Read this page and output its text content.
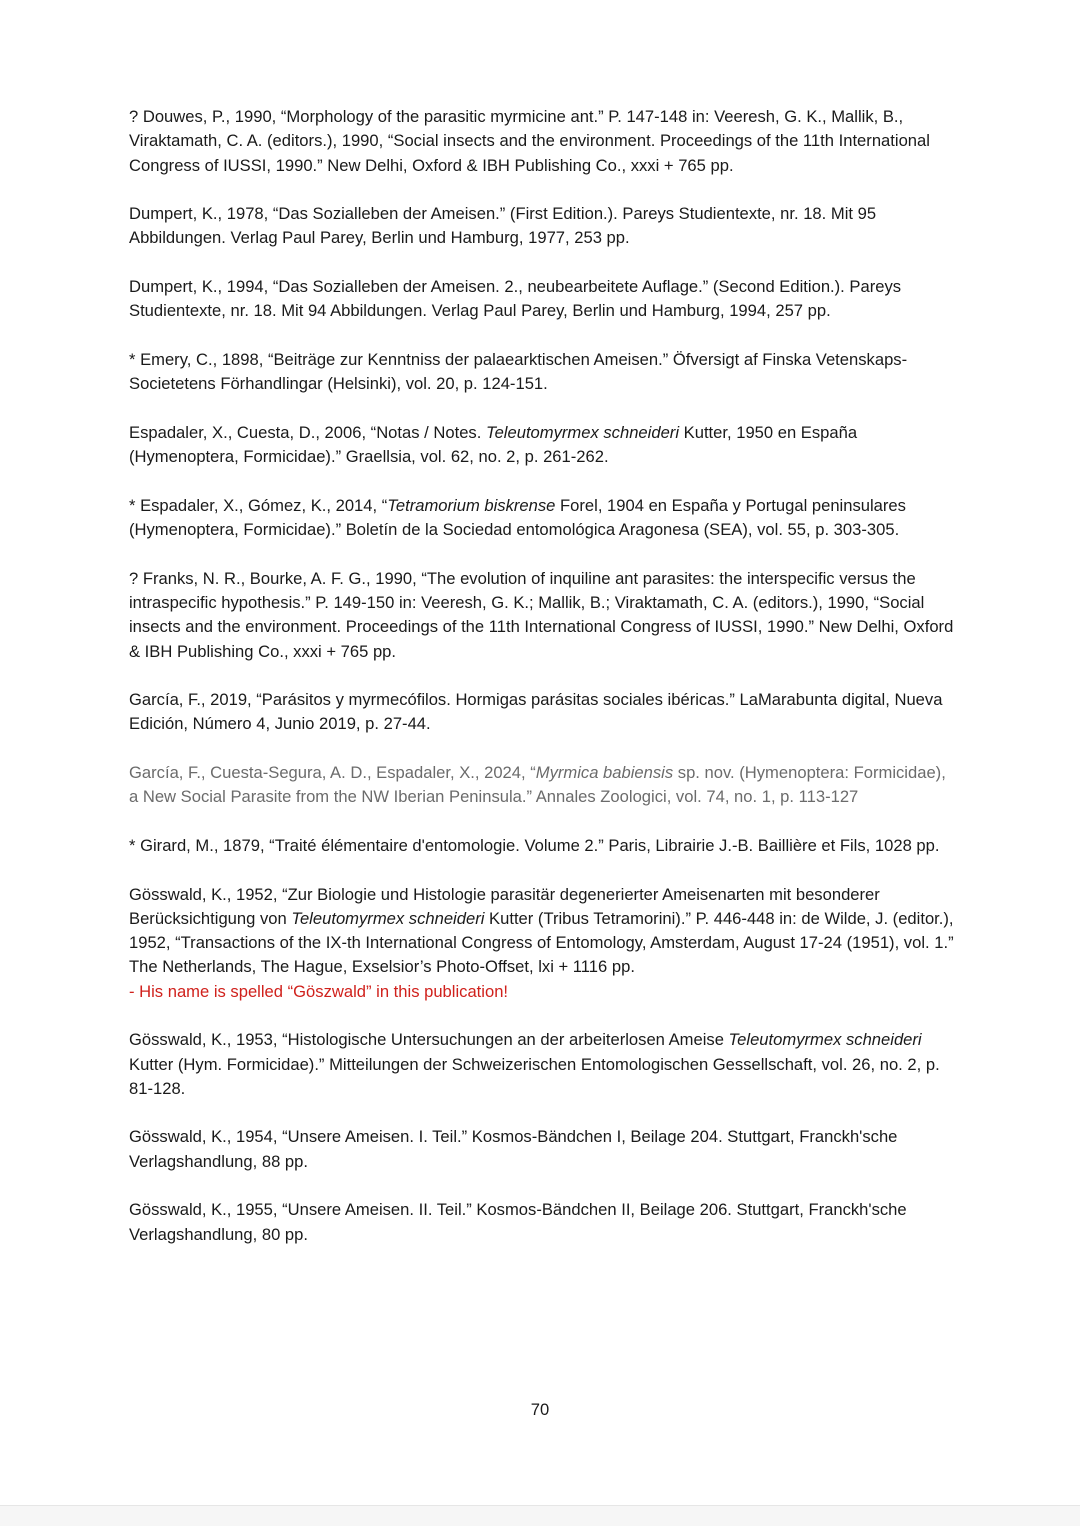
? Douwes, P., 1990, “Morphology of the parasitic myrmicine ant.” P. 147-148 in: Veeresh, G. K., Mallik, B., Viraktamath, C. A. (editors.), 1990, “Social insects and the environment. Proceedings of the 11th International Congress of IUSSI, 1990.” New Delhi, Oxford & IBH Publishing Co., xxxi + 765 pp.

Dumpert, K., 1978, “Das Sozialleben der Ameisen.” (First Edition.). Pareys Studientexte, nr. 18. Mit 95 Abbildungen. Verlag Paul Parey, Berlin und Hamburg, 1977, 253 pp.

Dumpert, K., 1994, “Das Sozialleben der Ameisen. 2., neubearbeitete Auflage.” (Second Edition.). Pareys Studientexte, nr. 18. Mit 94 Abbildungen. Verlag Paul Parey, Berlin und Hamburg, 1994, 257 pp.

* Emery, C., 1898, “Beiträge zur Kenntniss der palaearktischen Ameisen.” Öfversigt af Finska Vetenskaps-Societetens Förhandlingar (Helsinki), vol. 20, p. 124-151.

Espadaler, X., Cuesta, D., 2006, “Notas / Notes. Teleutomyrmex schneideri Kutter, 1950 en España (Hymenoptera, Formicidae).” Graellsia, vol. 62, no. 2, p. 261-262.

* Espadaler, X., Gómez, K., 2014, “Tetramorium biskrense Forel, 1904 en España y Portugal peninsulares (Hymenoptera, Formicidae).” Boletín de la Sociedad entomológica Aragonesa (SEA), vol. 55, p. 303-305.

? Franks, N. R., Bourke, A. F. G., 1990, “The evolution of inquiline ant parasites: the interspecific versus the intraspecific hypothesis.” P. 149-150 in: Veeresh, G. K.; Mallik, B.; Viraktamath, C. A. (editors.), 1990, “Social insects and the environment. Proceedings of the 11th International Congress of IUSSI, 1990.” New Delhi, Oxford & IBH Publishing Co., xxxi + 765 pp.

García, F., 2019, “Parásitos y myrmecófilos. Hormigas parásitas sociales ibéricas.” LaMarabunta digital, Nueva Edición, Número 4, Junio 2019, p. 27-44.

García, F., Cuesta-Segura, A. D., Espadaler, X., 2024, “Myrmica babiensis sp. nov. (Hymenoptera: Formicidae), a New Social Parasite from the NW Iberian Peninsula.” Annales Zoologici, vol. 74, no. 1, p. 113-127

* Girard, M., 1879, “Traité élémentaire d'entomologie. Volume 2.” Paris, Librairie J.-B. Baillière et Fils, 1028 pp.

Gösswald, K., 1952, “Zur Biologie und Histologie parasitär degenerierter Ameisenarten mit besonderer Berücksichtigung von Teleutomyrmex schneideri Kutter (Tribus Tetramorini).” P. 446-448 in: de Wilde, J. (editor.), 1952, “Transactions of the IX-th International Congress of Entomology, Amsterdam, August 17-24 (1951), vol. 1.” The Netherlands, The Hague, Exselsior’s Photo-Offset, lxi + 1116 pp.
- His name is spelled “Göszwald” in this publication!

Gösswald, K., 1953, “Histologische Untersuchungen an der arbeiterlosen Ameise Teleutomyrmex schneideri Kutter (Hym. Formicidae).” Mitteilungen der Schweizerischen Entomologischen Gessellschaft, vol. 26, no. 2, p. 81-128.

Gösswald, K., 1954, “Unsere Ameisen. I. Teil.” Kosmos-Bändchen I, Beilage 204. Stuttgart, Franckh'sche Verlagshandlung, 88 pp.

Gösswald, K., 1955, “Unsere Ameisen. II. Teil.” Kosmos-Bändchen II, Beilage 206. Stuttgart, Franckh'sche Verlagshandlung, 80 pp.

70
